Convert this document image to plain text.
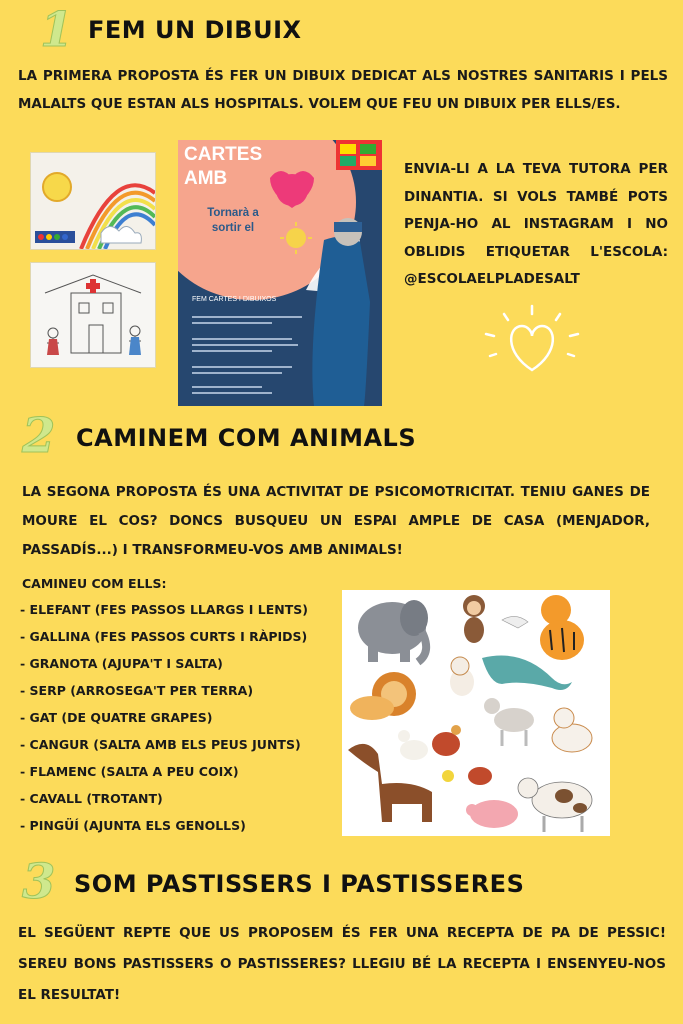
1 FEM UN DIBUIX
LA PRIMERA PROPOSTA ÉS FER UN DIBUIX DEDICAT ALS NOSTRES SANITARIS I PELS MALALTS QUE ESTAN ALS HOSPITALS. VOLEM QUE FEU UN DIBUIX PER ELLS/ES.
CARTES
AMB
Tornarà a sortir el
FEM CARTES I DIBUIXOS
ENVIA-LI A LA TEVA TUTORA PER DINANTIA. SI VOLS TAMBÉ POTS PENJA-HO AL INSTAGRAM I NO OBLIDIS ETIQUETAR L'ESCOLA: @ESCOLAELPLADESALT
2 CAMINEM COM ANIMALS
LA SEGONA PROPOSTA ÉS UNA ACTIVITAT DE PSICOMOTRICITAT. TENIU GANES DE MOURE EL COS? DONCS BUSQUEU UN ESPAI AMPLE DE CASA (MENJADOR, PASSADÍS...) I TRANSFORMEU-VOS AMB ANIMALS!
CAMINEU COM ELLS:
- ELEFANT (FES PASSOS LLARGS I LENTS)
- GALLINA (FES PASSOS CURTS I RÀPIDS)
- GRANOTA (AJUPA'T I SALTA)
- SERP (ARROSEGA'T PER TERRA)
- GAT (DE QUATRE GRAPES)
- CANGUR (SALTA AMB ELS PEUS JUNTS)
- FLAMENC (SALTA A PEU COIX)
- CAVALL (TROTANT)
- PINGÜÍ (AJUNTA ELS GENOLLS)
3 SOM PASTISSERS I PASTISSERES
EL SEGÜENT REPTE QUE US PROPOSEM ÉS FER UNA RECEPTA DE PA DE PESSIC! SEREU BONS PASTISSERS O PASTISSERES? LLEGIU BÉ LA RECEPTA I ENSENYEU-NOS EL RESULTAT!
